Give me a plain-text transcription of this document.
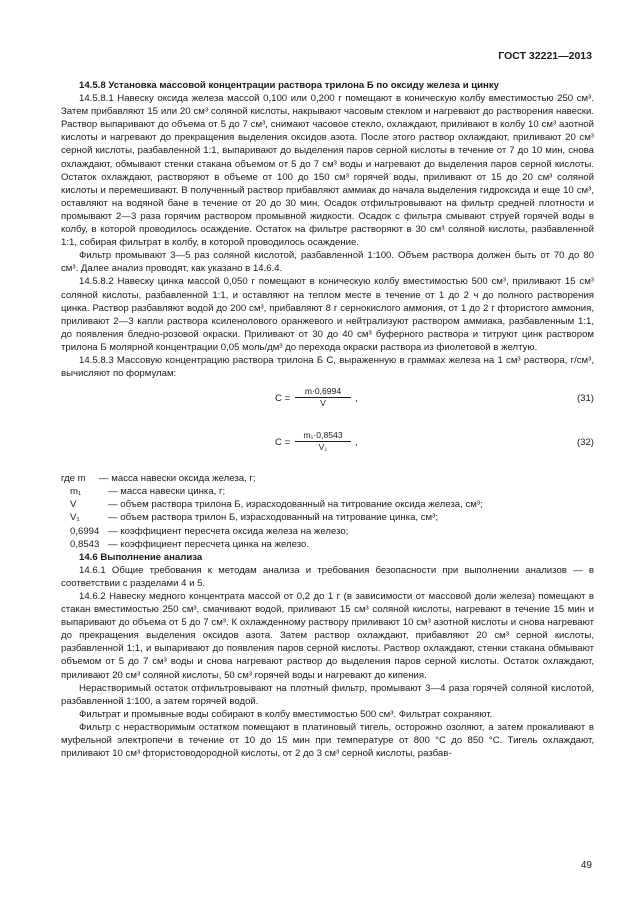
ГОСТ 32221—2013

14.5.8 Установка массовой концентрации раствора трилона Б по оксиду железа и цинку

14.5.8.1 Навеску оксида железа массой 0,100 или 0,200 г помещают в коническую колбу вместимостью 250 см³. Затем прибавляют 15 или 20 см³ соляной кислоты, накрывают часовым стеклом и нагревают до растворения навески. Раствор выпаривают до объема от 5 до 7 см³, снимают часовое стекло, охлаждают, приливают в колбу 10 см³ азотной кислоты и нагревают до прекращения выделения оксидов азота. После этого раствор охлаждают, приливают 20 см³ серной кислоты, разбавленной 1:1, выпаривают до выделения паров серной кислоты в течение от 7 до 10 мин, снова охлаждают, обмывают стенки стакана объемом от 5 до 7 см³ воды и нагревают до выделения паров серной кислоты. Остаток охлаждают, растворяют в объеме от 100 до 150 см³ горячей воды, приливают от 15 до 20 см³ соляной кислоты и перемешивают. В полученный раствор прибавляют аммиак до начала выделения гидроксида и еще 10 см³, оставляют на водяной бане в течение от 20 до 30 мин. Осадок отфильтровывают на фильтр средней плотности и промывают 2—3 раза горячим раствором промывной жидкости. Осадок с фильтра смывают струей горячей воды в колбу, в которой проводилось осаждение. Остаток на фильтре растворяют в 30 см³ соляной кислоты, разбавленной 1:1, собирая фильтрат в колбу, в которой проводилось осаждение.

Фильтр промывают 3—5 раз соляной кислотой, разбавленной 1:100. Объем раствора должен быть от 70 до 80 см³. Далее анализ проводят, как указано в 14.6.4.

14.5.8.2 Навеску цинка массой 0,050 г помещают в коническую колбу вместимостью 500 см³, приливают 15 см³ соляной кислоты, разбавленной 1:1, и оставляют на теплом месте в течение от 1 до 2 ч до полного растворения цинка. Раствор разбавляют водой до 200 см³, прибавляют 8 г сернокислого аммония, от 1 до 2 г фтористого аммония, приливают 2—3 капли раствора ксиленолового оранжевого и нейтрализуют раствором аммиака, разбавленным 1:1, до появления бледно-розовой окраски. Приливают от 30 до 40 см³ буферного раствора и титруют цинк раствором трилона Б молярной концентрации 0,05 моль/дм³ до перехода окраски раствора из фиолетовой в желтую.

14.5.8.3 Массовую концентрацию раствора трилона Б C, выраженную в граммах железа на 1 см³ раствора, г/см³, вычисляют по формулам:

$C = \frac{m\cdot 0,6994}{V}$ ,	(31)
$C = \frac{\text{m₁·0,8543}}{\text{V₁}}$ ,	(32)
где m	— масса навески оксида железа, г;
m₁	— масса навески цинка, г;
V	— объем раствора трилона Б, израсходованный на титрование оксида железа, см³;
V₁	— объем раствора трилон Б, израсходованный на титрование цинка, см³;
0,6994 — коэффициент пересчета оксида железа на железо;
0,8543 — коэффициент пересчета цинка на железо.

14.6 Выполнение анализа

14.6.1 Общие требования к методам анализа и требования безопасности при выполнении анализов — в соответствии с разделами 4 и 5.

14.6.2 Навеску медного концентрата массой от 0,2 до 1 г (в зависимости от массовой доли железа) помещают в стакан вместимостью 250 см³, смачивают водой, приливают 15 см³ соляной кислоты, нагревают в течение 15 мин и выпаривают до объема от 5 до 7 см³. К охлажденному раствору приливают 10 см³ азотной кислоты и снова нагревают до прекращения выделения оксидов азота. Затем раствор охлаждают, прибавляют 20 см³ серной кислоты, разбавленной 1:1, и выпаривают до появления паров серной кислоты. Раствор охлаждают, стенки стакана обмывают объемом от 5 до 7 см³ воды и снова нагревают раствор до выделения паров серной кислоты. Остаток охлаждают, приливают 20 см³ соляной кислоты, 50 см³ горячей воды и нагревают до кипения.

Нерастворимый остаток отфильтровывают на плотный фильтр, промывают 3—4 раза горячей соляной кислотой, разбавленной 1:100, а затем горячей водой.

Фильтрат и промывные воды собирают в колбу вместимостью 500 см³. Фильтрат сохраняют.

Фильтр с нерастворимым остатком помещают в платиновый тигель, осторожно озоляют, а затем прокаливают в муфельной электропечи в течение от 10 до 15 мин при температуре от 800 °С до 850 °С. Тигель охлаждают, приливают 10 см³ фтористоводородной кислоты, от 2 до 3 см³ серной кислоты, разбав-

49
